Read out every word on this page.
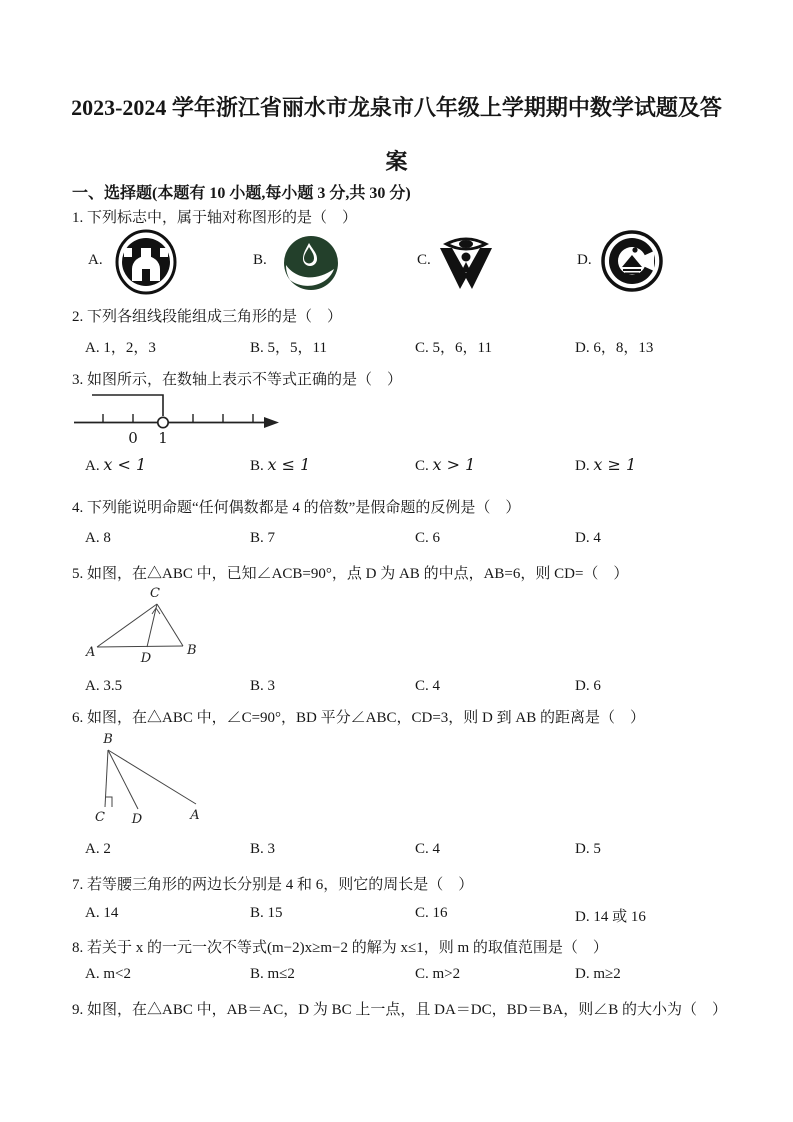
2023-2024 学年浙江省丽水市龙泉市八年级上学期期中数学试题及答
案
一、选择题(本题有 10 小题,每小题 3 分,共 30 分)
1. 下列标志中，属于轴对称图形的是（    ）
A.	B.	C.	D.
2. 下列各组线段能组成三角形的是（    ）
A. 1，2，3	B. 5，5，11	C. 5，6，11	D. 6，8，13
3. 如图所示，在数轴上表示不等式正确的是（    ）
0 1
A. x < 1	B. x ≤ 1	C. x > 1	D. x ≥ 1
4. 下列能说明命题“任何偶数都是 4 的倍数”是假命题的反例是（    ）
A. 8	B. 7	C. 6	D. 4
5. 如图，在△ABC 中，已知∠ACB=90°，点 D 为 AB 的中点，AB=6，则 CD=（    ）
C
A	D
B
A. 3.5	B. 3	C. 4	D. 6
6. 如图，在△ABC 中，∠C=90°，BD 平分∠ABC，CD=3，则 D 到 AB 的距离是（    ）
B
C D	A
A. 2	B. 3	C. 4	D. 5
7. 若等腰三角形的两边长分别是 4 和 6，则它的周长是（    ）
A. 14	B. 15	C. 16	D. 14 或 16
8. 若关于 x 的一元一次不等式(m−2)x≥m−2 的解为 x≤1，则 m 的取值范围是（    ）
A. m<2	B. m≤2	C. m>2	D. m≥2
9. 如图，在△ABC 中，AB＝AC，D 为 BC 上一点，且 DA＝DC，BD＝BA，则∠B 的大小为（    ）
